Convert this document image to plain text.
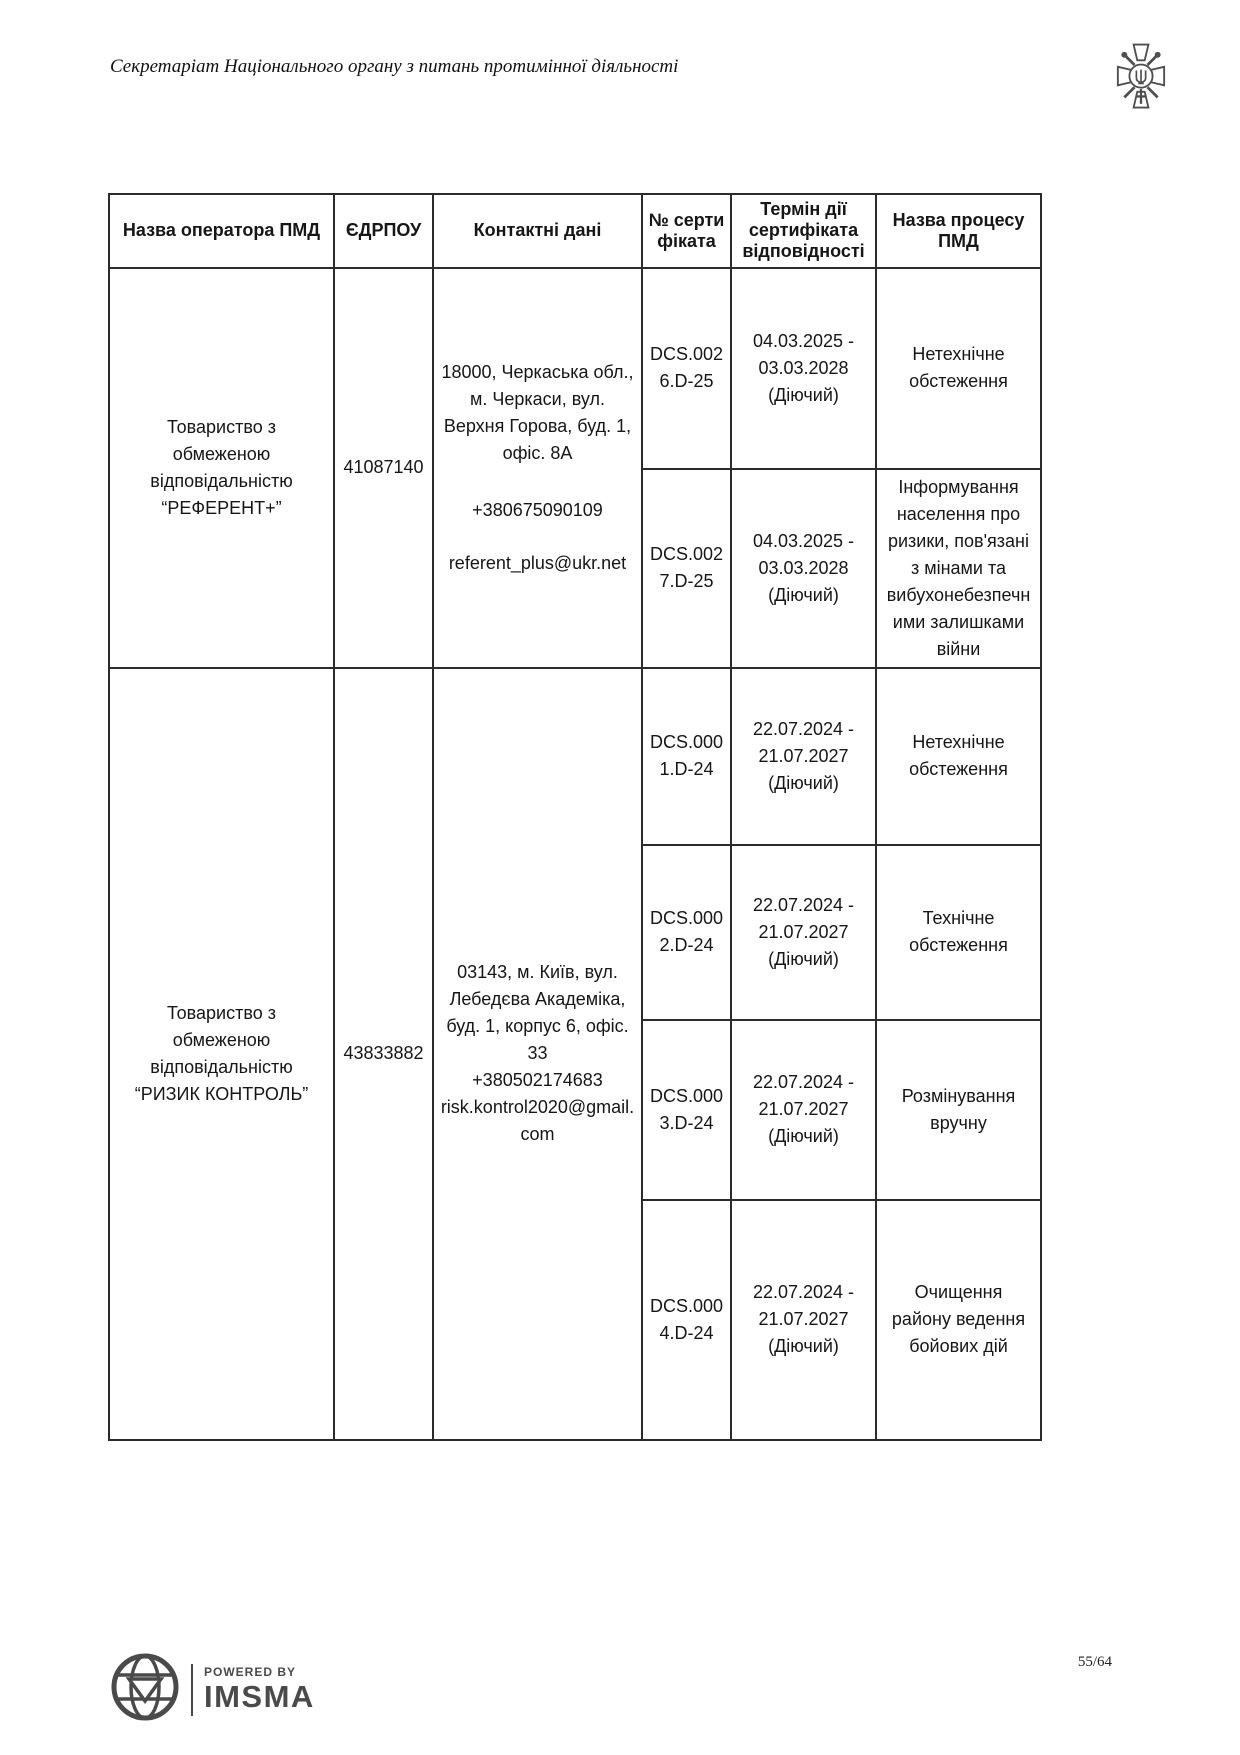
Секретаріат Національного органу з питань протимінної діяльності
Назва оператора ПМД	ЄДРПОУ	Контактні дані	№ сертифіката	Термін дії сертифіката відповідності	Назва процесу ПМД
Товариство з обмеженою відповідальністю “РЕФЕРЕНТ+”	41087140	18000, Черкаська обл., м. Черкаси, вул. Верхня Горова, буд. 1, офіс. 8А
+380675090109
referent_plus@ukr.net	DCS.0026.D-25	04.03.2025 - 03.03.2028 (Діючий)	Нетехнічне обстеження
			DCS.0027.D-25	04.03.2025 - 03.03.2028 (Діючий)	Інформування населення про ризики, пов'язані з мінами та вибухонебезпечними залишками війни
Товариство з обмеженою відповідальністю “РИЗИК КОНТРОЛЬ”	43833882	03143, м. Київ, вул. Лебедєва Академіка, буд. 1, корпус 6, офіс. 33
+380502174683
risk.kontrol2020@gmail.com	DCS.0001.D-24	22.07.2024 - 21.07.2027 (Діючий)	Нетехнічне обстеження
			DCS.0002.D-24	22.07.2024 - 21.07.2027 (Діючий)	Технічне обстеження
			DCS.0003.D-24	22.07.2024 - 21.07.2027 (Діючий)	Розмінування вручну
			DCS.0004.D-24	22.07.2024 - 21.07.2027 (Діючий)	Очищення району ведення бойових дій
POWERED BY
IMSMA
55/64
